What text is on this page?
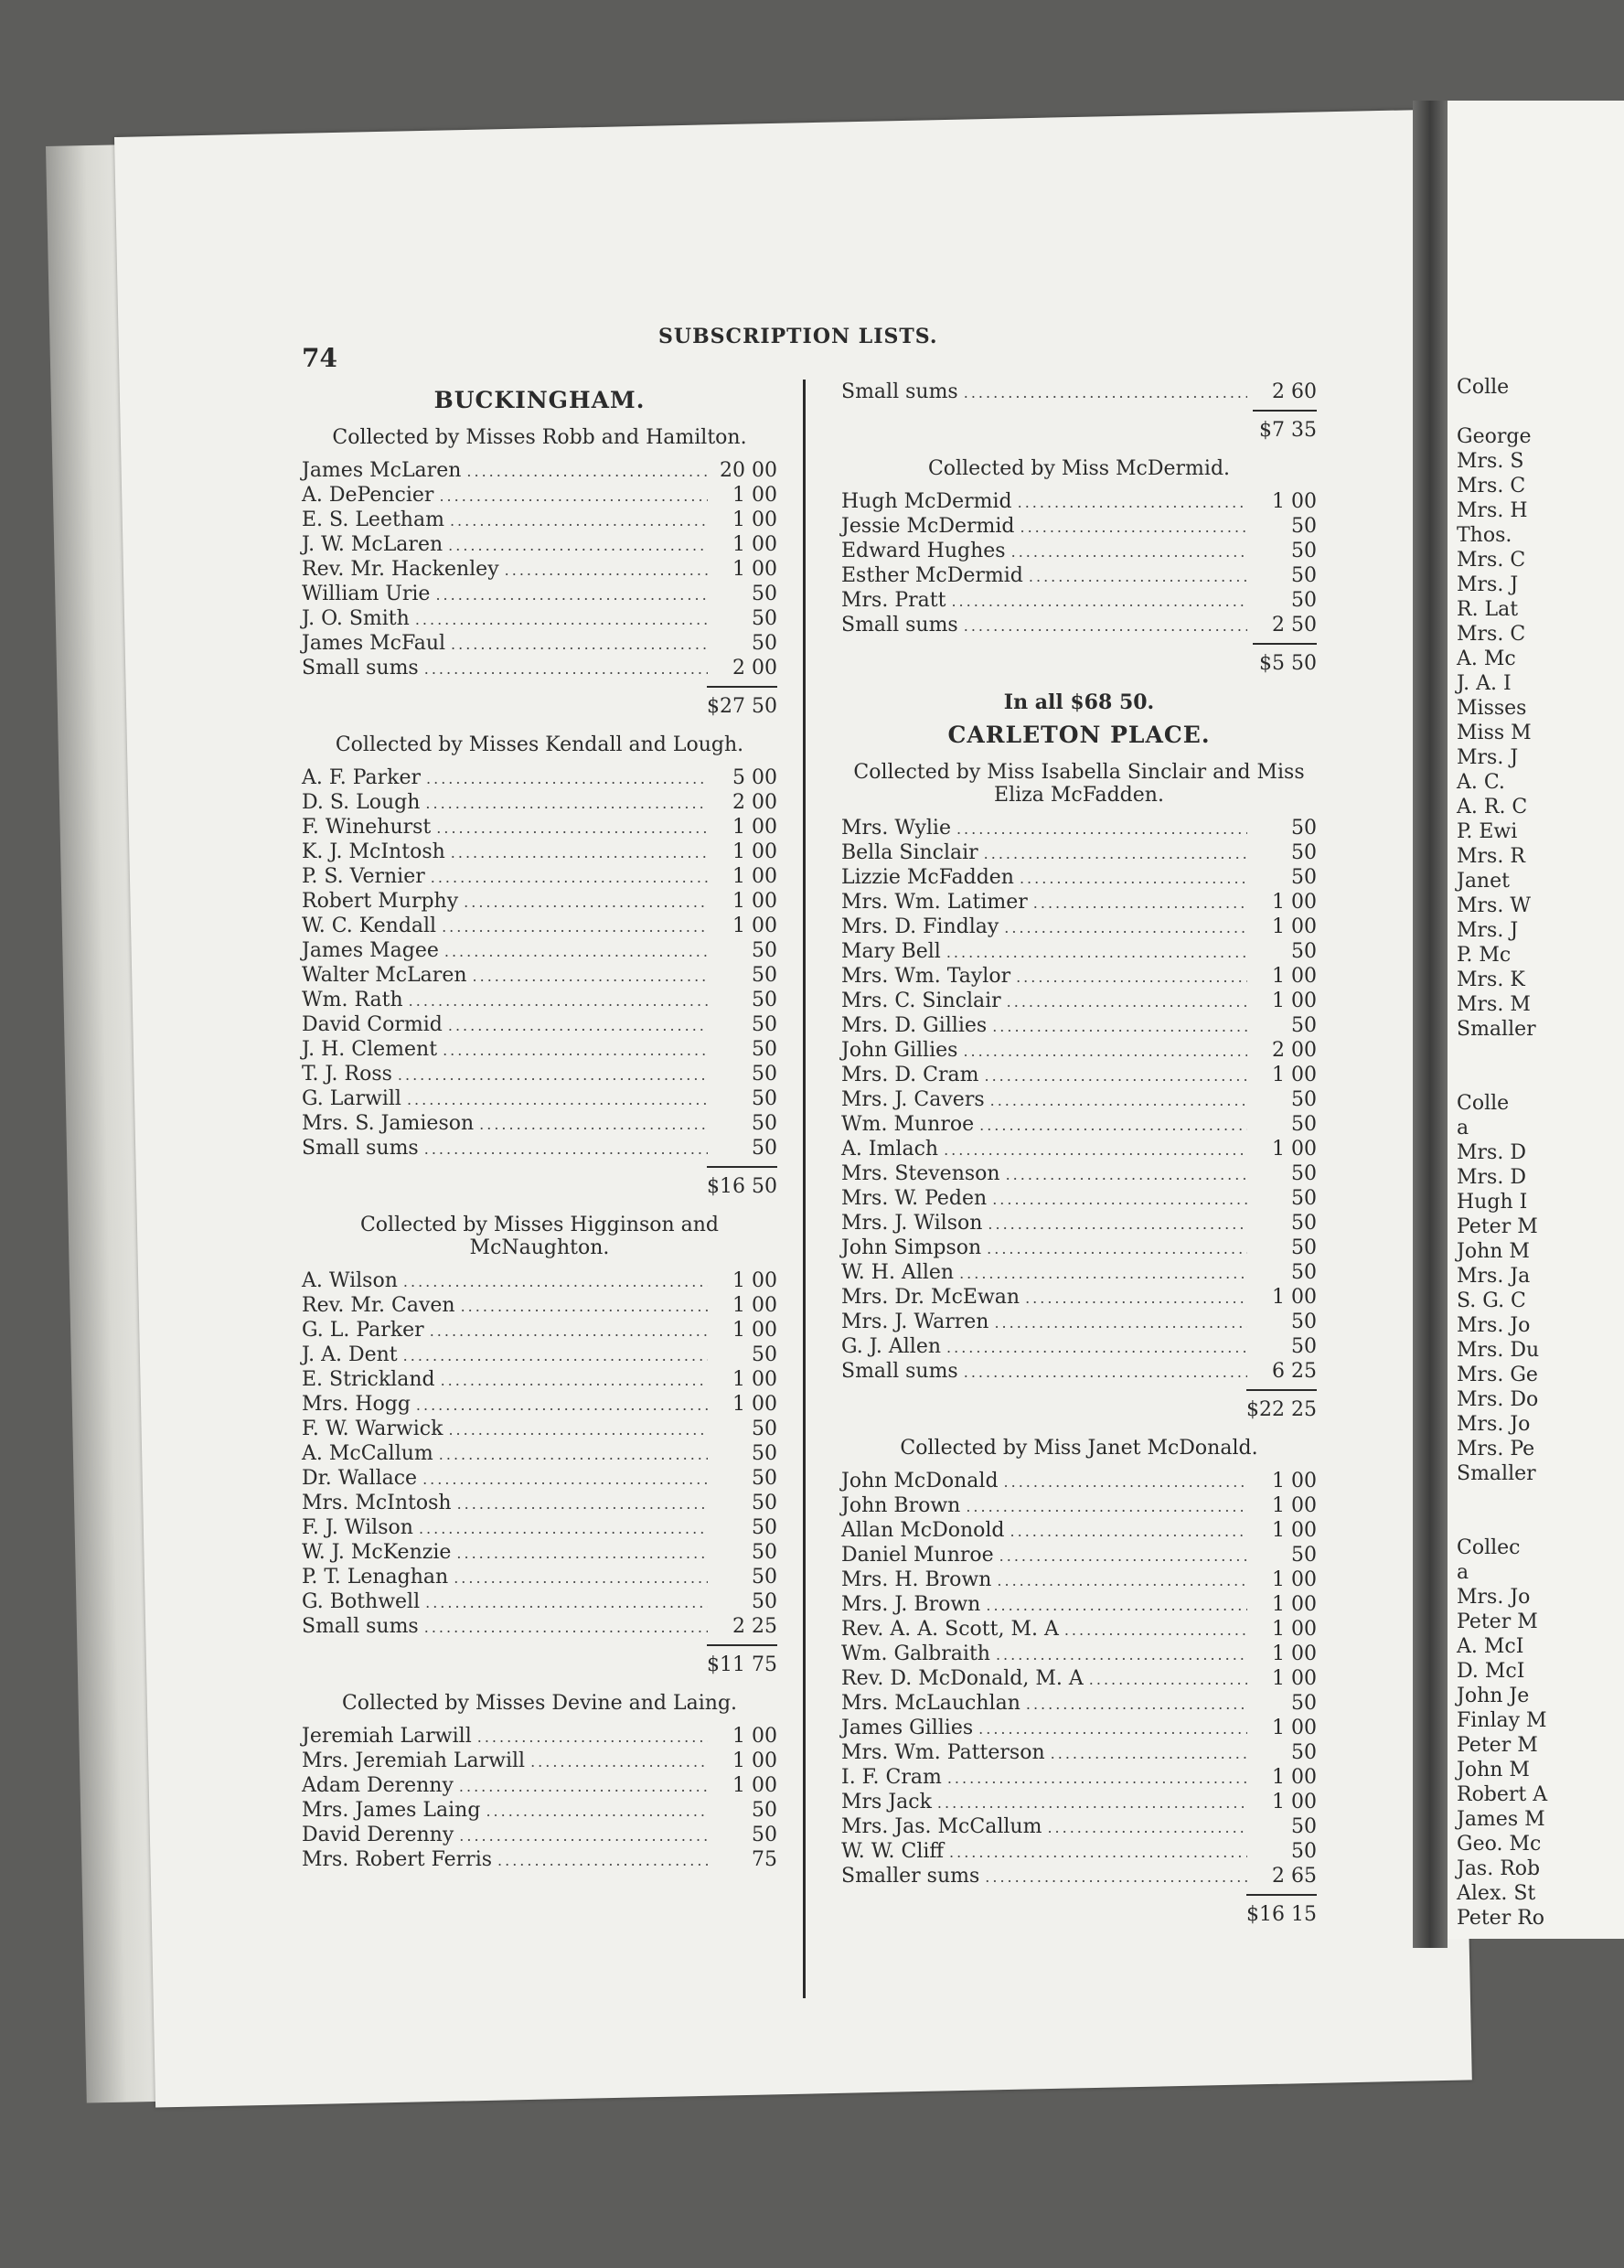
Colle

George
Mrs. S
Mrs. C
Mrs. H
Thos.
Mrs. C
Mrs. J
R. Lat
Mrs. C
A. Mc
J. A. I
Misses
Miss M
Mrs. J
A. C.
A. R. C
P. Ewi
Mrs. R
Janet
Mrs. W
Mrs. J
P. Mc
Mrs. K
Mrs. M
Smaller

Colle
a
Mrs. D
Mrs. D
Hugh I
Peter M
John M
Mrs. Ja
S. G. C
Mrs. Jo
Mrs. Du
Mrs. Ge
Mrs. Do
Mrs. Jo
Mrs. Pe
Smaller

Collec
a
Mrs. Jo
Peter M
A. McI
D. McI
John Je
Finlay M
Peter M
John M
Robert A
James M
Geo. Mc
Jas. Rob
Alex. St
Peter Ro
74
SUBSCRIPTION LISTS.
BUCKINGHAM.
Collected by Misses Robb and Hamilton.
James McLaren .....	20 00
A. DePencier .....	1 00
E. S. Leetham .....	1 00
J. W. McLaren .....	1 00
Rev. Mr. Hackenley .....	1 00
William Urie .....	50
J. O. Smith .....	50
James McFaul .....	50
Small sums .....	2 00
$27 50
Collected by Misses Kendall and Lough.
A. F. Parker .....	5 00
D. S. Lough .....	2 00
F. Winehurst .....	1 00
K. J. McIntosh .....	1 00
P. S. Vernier .....	1 00
Robert Murphy .....	1 00
W. C. Kendall .....	1 00
James Magee .....	50
Walter McLaren .....	50
Wm. Rath .....	50
David Cormid .....	50
J. H. Clement .....	50
T. J. Ross .....	50
G. Larwill .....	50
Mrs. S. Jamieson .....	50
Small sums .....	50
$16 50
Collected by Misses Higginson and McNaughton.
A. Wilson .....	1 00
Rev. Mr. Caven .....	1 00
G. L. Parker .....	1 00
J. A. Dent .....	50
E. Strickland .....	1 00
Mrs. Hogg .....	1 00
F. W. Warwick .....	50
A. McCallum .....	50
Dr. Wallace .....	50
Mrs. McIntosh .....	50
F. J. Wilson .....	50
W. J. McKenzie .....	50
P. T. Lenaghan .....	50
G. Bothwell .....	50
Small sums .....	2 25
$11 75
Collected by Misses Devine and Laing.
Jeremiah Larwill .....	1 00
Mrs. Jeremiah Larwill .....	1 00
Adam Derenny .....	1 00
Mrs. James Laing .....	50
David Derenny .....	50
Mrs. Robert Ferris .....	75
Small sums .....	2 60
$7 35
Collected by Miss McDermid.
Hugh McDermid .....	1 00
Jessie McDermid .....	50
Edward Hughes .....	50
Esther McDermid .....	50
Mrs. Pratt .....	50
Small sums .....	2 50
$5 50
In all $68 50.
CARLETON PLACE.
Collected by Miss Isabella Sinclair and Miss Eliza McFadden.
Mrs. Wylie .....	50
Bella Sinclair .....	50
Lizzie McFadden .....	50
Mrs. Wm. Latimer .....	1 00
Mrs. D. Findlay .....	1 00
Mary Bell .....	50
Mrs. Wm. Taylor .....	1 00
Mrs. C. Sinclair .....	1 00
Mrs. D. Gillies .....	50
John Gillies .....	2 00
Mrs. D. Cram .....	1 00
Mrs. J. Cavers .....	50
Wm. Munroe .....	50
A. Imlach .....	1 00
Mrs. Stevenson .....	50
Mrs. W. Peden .....	50
Mrs. J. Wilson .....	50
John Simpson .....	50
W. H. Allen .....	50
Mrs. Dr. McEwan .....	1 00
Mrs. J. Warren .....	50
G. J. Allen .....	50
Small sums .....	6 25
$22 25
Collected by Miss Janet McDonald.
John McDonald .....	1 00
John Brown .....	1 00
Allan McDonold .....	1 00
Daniel Munroe .....	50
Mrs. H. Brown .....	1 00
Mrs. J. Brown .....	1 00
Rev. A. A. Scott, M. A .....	1 00
Wm. Galbraith .....	1 00
Rev. D. McDonald, M. A .....	1 00
Mrs. McLauchlan .....	50
James Gillies .....	1 00
Mrs. Wm. Patterson .....	50
I. F. Cram .....	1 00
Mrs Jack .....	1 00
Mrs. Jas. McCallum .....	50
W. W. Cliff .....	50
Smaller sums .....	2 65
$16 15
